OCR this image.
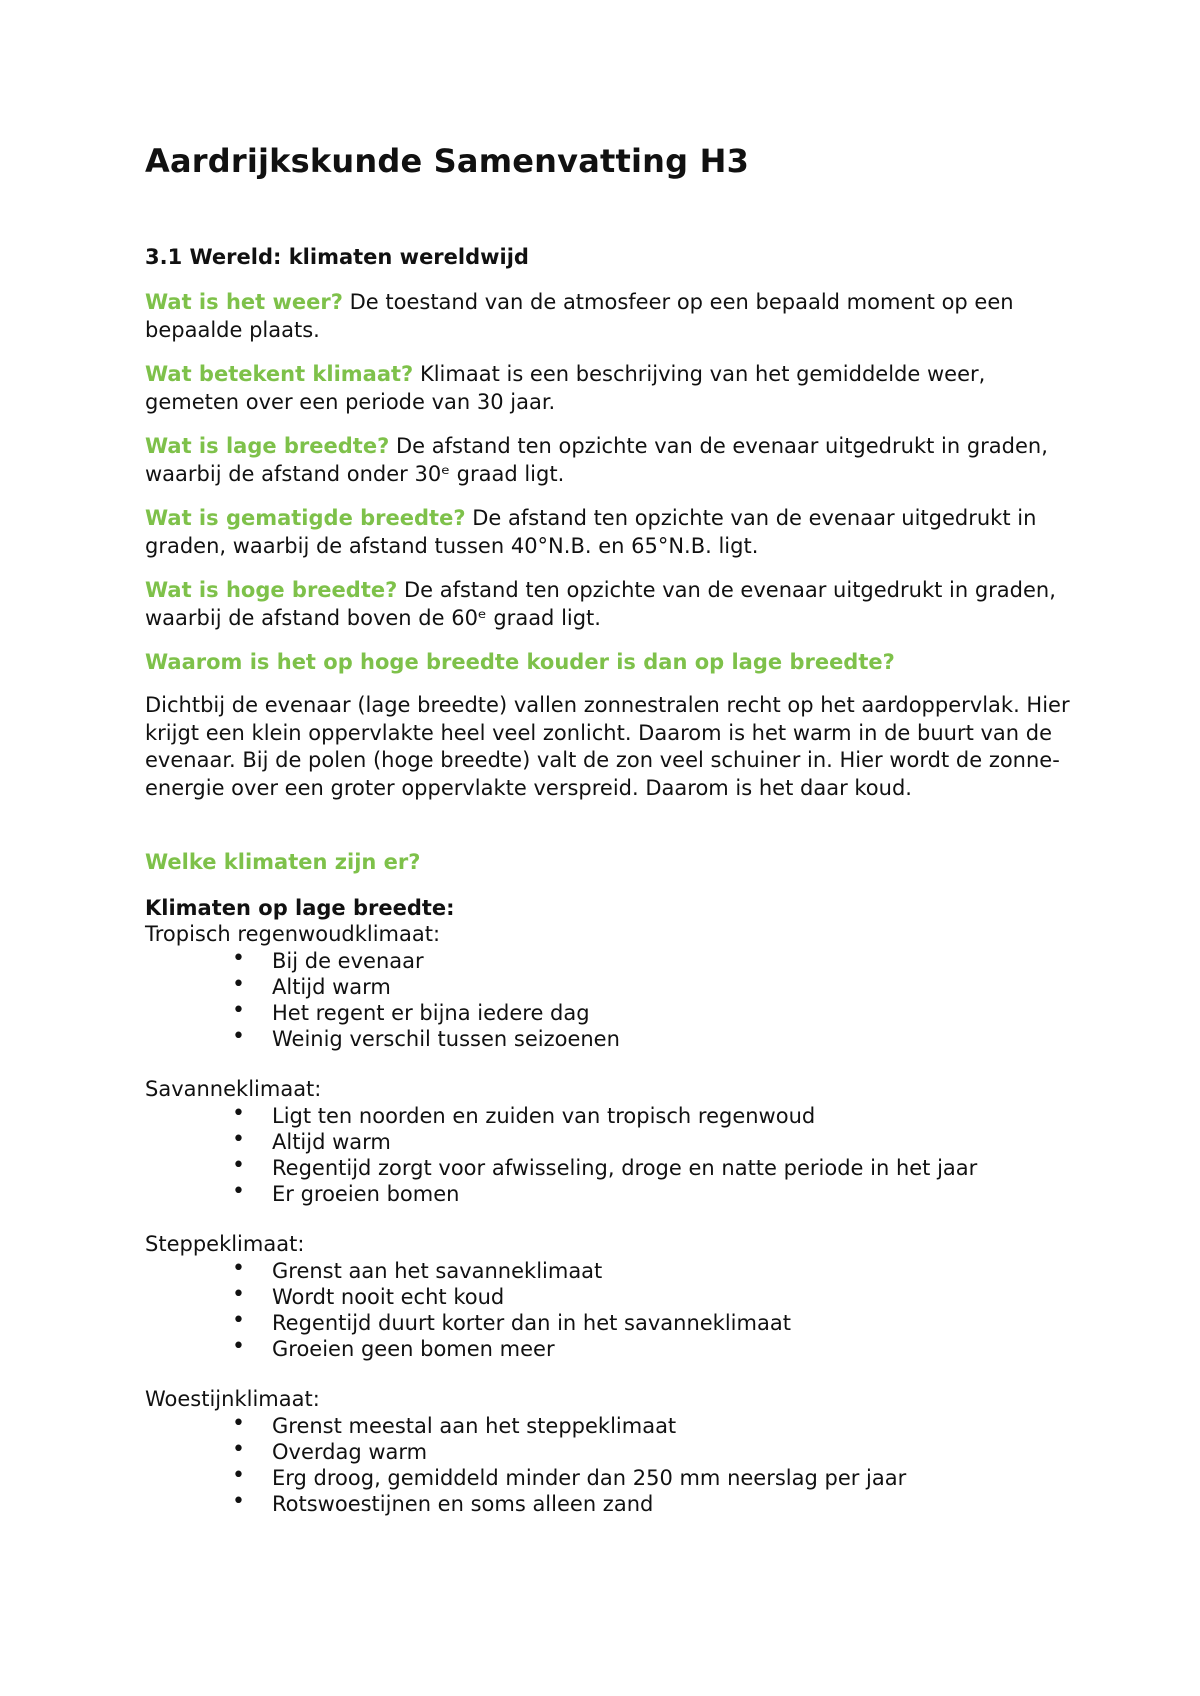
Aardrijkskunde Samenvatting H3
3.1 Wereld: klimaten wereldwijd
Wat is het weer? De toestand van de atmosfeer op een bepaald moment op een bepaalde plaats.
Wat betekent klimaat? Klimaat is een beschrijving van het gemiddelde weer, gemeten over een periode van 30 jaar.
Wat is lage breedte? De afstand ten opzichte van de evenaar uitgedrukt in graden, waarbij de afstand onder 30ᵉ graad ligt.
Wat is gematigde breedte? De afstand ten opzichte van de evenaar uitgedrukt in graden, waarbij de afstand tussen 40°N.B. en 65°N.B. ligt.
Wat is hoge breedte? De afstand ten opzichte van de evenaar uitgedrukt in graden, waarbij de afstand boven de 60ᵉ graad ligt.
Waarom is het op hoge breedte kouder is dan op lage breedte?
Dichtbij de evenaar (lage breedte) vallen zonnestralen recht op het aardoppervlak. Hier krijgt een klein oppervlakte heel veel zonlicht. Daarom is het warm in de buurt van de evenaar. Bij de polen (hoge breedte) valt de zon veel schuiner in. Hier wordt de zonne-energie over een groter oppervlakte verspreid. Daarom is het daar koud.
Welke klimaten zijn er?
Klimaten op lage breedte:
Tropisch regenwoudklimaat:
• Bij de evenaar
• Altijd warm
• Het regent er bijna iedere dag
• Weinig verschil tussen seizoenen
Savanneklimaat:
• Ligt ten noorden en zuiden van tropisch regenwoud
• Altijd warm
• Regentijd zorgt voor afwisseling, droge en natte periode in het jaar
• Er groeien bomen
Steppeklimaat:
• Grenst aan het savanneklimaat
• Wordt nooit echt koud
• Regentijd duurt korter dan in het savanneklimaat
• Groeien geen bomen meer
Woestijnklimaat:
• Grenst meestal aan het steppeklimaat
• Overdag warm
• Erg droog, gemiddeld minder dan 250 mm neerslag per jaar
• Rotswoestijnen en soms alleen zand
